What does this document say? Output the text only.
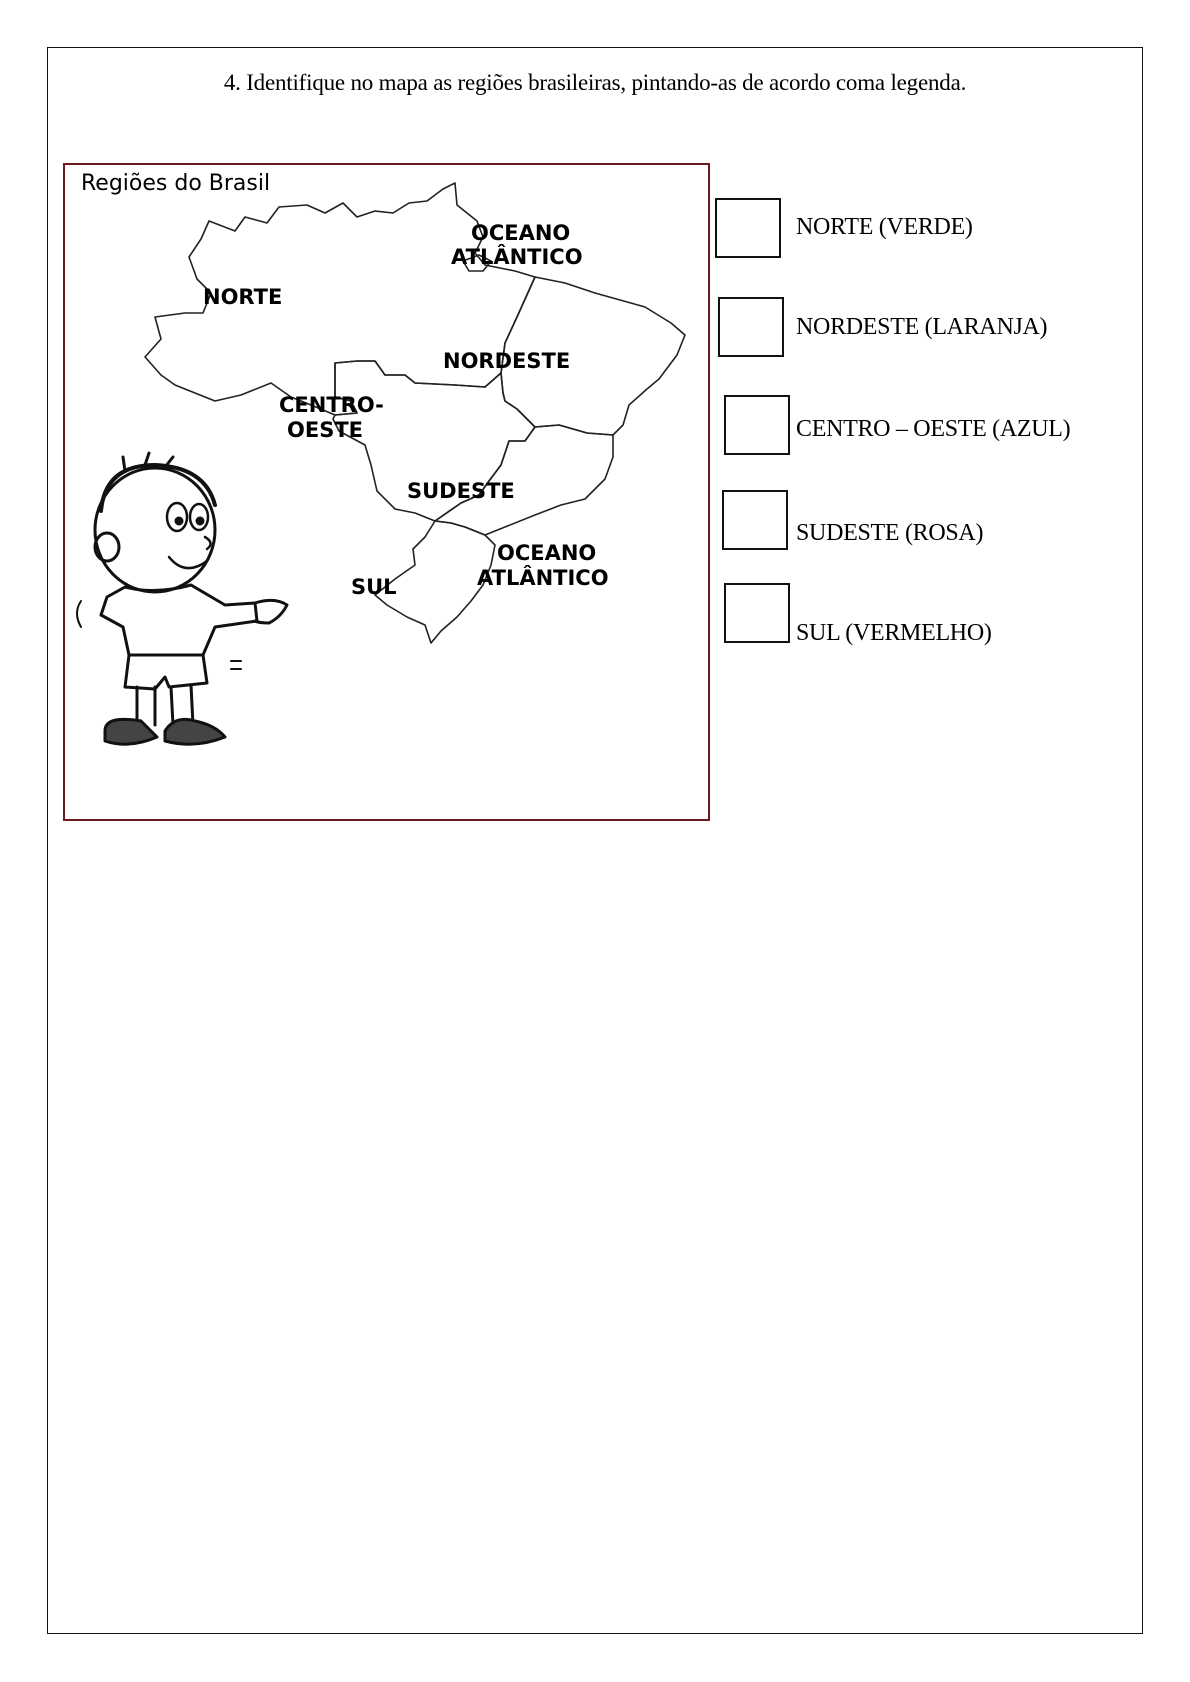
4. Identifique no mapa as regiões brasileiras, pintando-as de acordo coma legenda.
Regiões do Brasil
NORTE
NORDESTE
CENTRO-
OESTE
SUDESTE
SUL
OCEANO
ATLÂNTICO
OCEANO
ATLÂNTICO
NORTE (VERDE)
NORDESTE (LARANJA)
CENTRO – OESTE (AZUL)
SUDESTE (ROSA)
SUL (VERMELHO)
